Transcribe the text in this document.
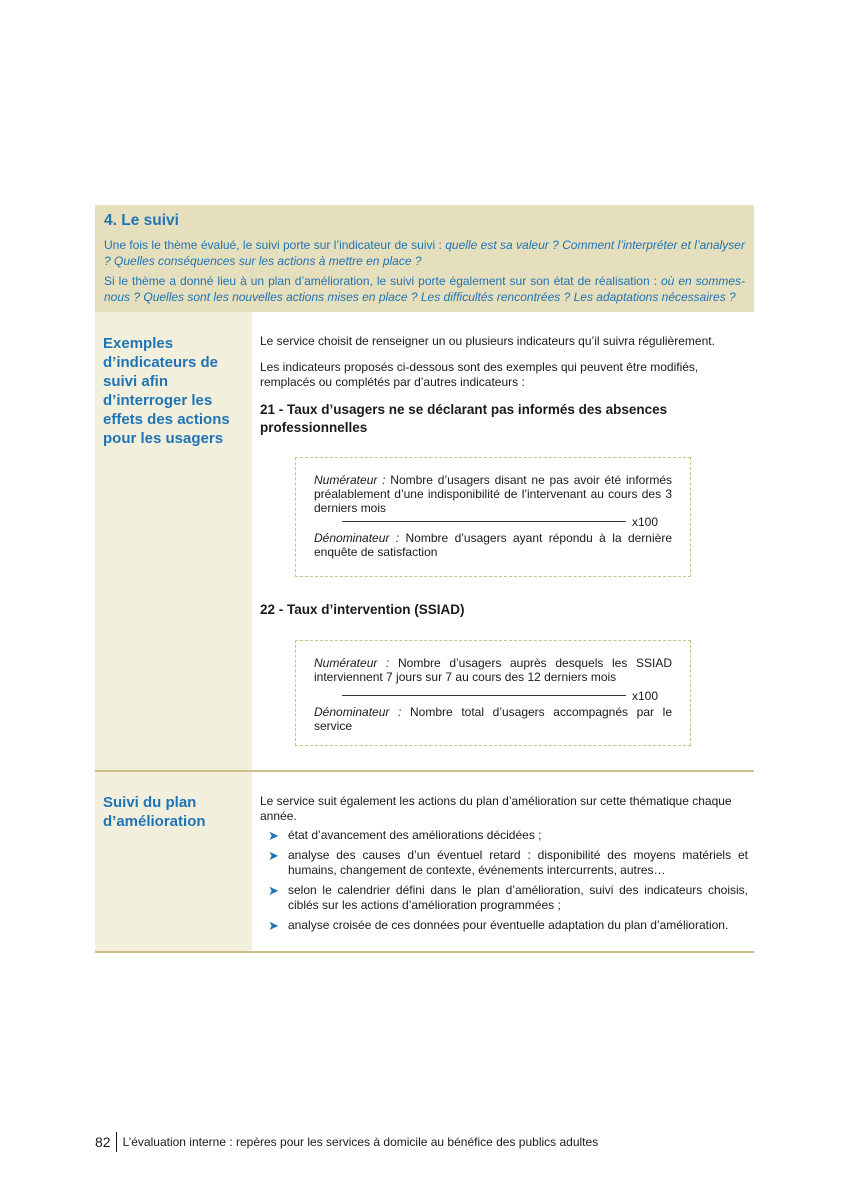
4. Le suivi

Une fois le thème évalué, le suivi porte sur l’indicateur de suivi : quelle est sa valeur ? Comment l’interpréter et l’analyser ? Quelles conséquences sur les actions à mettre en place ?

Si le thème a donné lieu à un plan d’amélioration, le suivi porte également sur son état de réalisation : où en sommes-nous ? Quelles sont les nouvelles actions mises en place ? Les difficultés rencontrées ? Les adaptations nécessaires ?

Exemples d’indicateurs de suivi afin d’interroger les effets des actions pour les usagers
Suivi du plan d’amélioration
Le service choisit de renseigner un ou plusieurs indicateurs qu’il suivra régulièrement.
Les indicateurs proposés ci-dessous sont des exemples qui peuvent être modifiés, remplacés ou complétés par d’autres indicateurs :
21 - Taux d’usagers ne se déclarant pas informés des absences professionnelles
Numérateur : Nombre d’usagers disant ne pas avoir été informés préalablement d’une indisponibilité de l’intervenant au cours des 3 derniers mois
x100
Dénominateur : Nombre d’usagers ayant répondu à la dernière enquête de satisfaction
22 - Taux d’intervention (SSIAD)
Numérateur : Nombre d’usagers auprès desquels les SSIAD interviennent 7 jours sur 7 au cours des 12 derniers mois
x100
Dénominateur : Nombre total d’usagers accompagnés par le service
Le service suit également les actions du plan d’amélioration sur cette thématique chaque année.
➤ état d’avancement des améliorations décidées ;
➤ analyse des causes d’un éventuel retard : disponibilité des moyens matériels et humains, changement de contexte, événements intercurrents, autres…
➤ selon le calendrier défini dans le plan d’amélioration, suivi des indicateurs choisis, ciblés sur les actions d’amélioration programmées ;
➤ analyse croisée de ces données pour éventuelle adaptation du plan d’amélioration.
82 L’évaluation interne : repères pour les services à domicile au bénéfice des publics adultes
